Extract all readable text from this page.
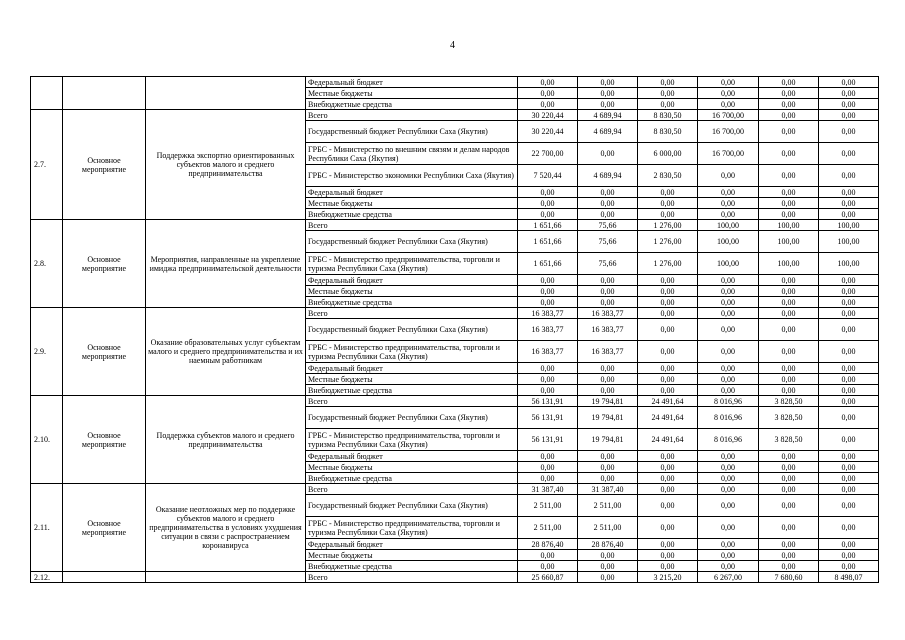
4
			Федеральный бюджет	0,00	0,00	0,00	0,00	0,00	0,00
			Местные бюджеты	0,00	0,00	0,00	0,00	0,00	0,00
			Внебюджетные средства	0,00	0,00	0,00	0,00	0,00	0,00
2.7.	Основное мероприятие	Поддержка экспортно ориентированных субъектов малого и среднего предпринимательства	Всего	30 220,44	4 689,94	8 830,50	16 700,00	0,00	0,00
			Государственный бюджет Республики Саха (Якутия)	30 220,44	4 689,94	8 830,50	16 700,00	0,00	0,00
			ГРБС - Министерство по внешним связям и делам народов Республики Саха (Якутия)	22 700,00	0,00	6 000,00	16 700,00	0,00	0,00
			ГРБС - Министерство экономики Республики Саха (Якутия)	7 520,44	4 689,94	2 830,50	0,00	0,00	0,00
			Федеральный бюджет	0,00	0,00	0,00	0,00	0,00	0,00
			Местные бюджеты	0,00	0,00	0,00	0,00	0,00	0,00
			Внебюджетные средства	0,00	0,00	0,00	0,00	0,00	0,00
2.8.	Основное мероприятие	Мероприятия, направленные на укрепление имиджа предпринимательской деятельности	Всего	1 651,66	75,66	1 276,00	100,00	100,00	100,00
			Государственный бюджет Республики Саха (Якутия)	1 651,66	75,66	1 276,00	100,00	100,00	100,00
			ГРБС - Министерство предпринимательства, торговли и туризма Республики Саха (Якутия)	1 651,66	75,66	1 276,00	100,00	100,00	100,00
			Федеральный бюджет	0,00	0,00	0,00	0,00	0,00	0,00
			Местные бюджеты	0,00	0,00	0,00	0,00	0,00	0,00
			Внебюджетные средства	0,00	0,00	0,00	0,00	0,00	0,00
2.9.	Основное мероприятие	Оказание образовательных услуг субъектам малого и среднего предпринимательства и их наемным работникам	Всего	16 383,77	16 383,77	0,00	0,00	0,00	0,00
			Государственный бюджет Республики Саха (Якутия)	16 383,77	16 383,77	0,00	0,00	0,00	0,00
			ГРБС - Министерство предпринимательства, торговли и туризма Республики Саха (Якутия)	16 383,77	16 383,77	0,00	0,00	0,00	0,00
			Федеральный бюджет	0,00	0,00	0,00	0,00	0,00	0,00
			Местные бюджеты	0,00	0,00	0,00	0,00	0,00	0,00
			Внебюджетные средства	0,00	0,00	0,00	0,00	0,00	0,00
2.10.	Основное мероприятие	Поддержка субъектов малого и среднего предпринимательства	Всего	56 131,91	19 794,81	24 491,64	8 016,96	3 828,50	0,00
			Государственный бюджет Республики Саха (Якутия)	56 131,91	19 794,81	24 491,64	8 016,96	3 828,50	0,00
			ГРБС - Министерство предпринимательства, торговли и туризма Республики Саха (Якутия)	56 131,91	19 794,81	24 491,64	8 016,96	3 828,50	0,00
			Федеральный бюджет	0,00	0,00	0,00	0,00	0,00	0,00
			Местные бюджеты	0,00	0,00	0,00	0,00	0,00	0,00
			Внебюджетные средства	0,00	0,00	0,00	0,00	0,00	0,00
2.11.	Основное мероприятие	Оказание неотложных мер по поддержке субъектов малого и среднего предпринимательства в условиях ухудшения ситуации в связи с распространением коронавируса	Всего	31 387,40	31 387,40	0,00	0,00	0,00	0,00
			Государственный бюджет Республики Саха (Якутия)	2 511,00	2 511,00	0,00	0,00	0,00	0,00
			ГРБС - Министерство предпринимательства, торговли и туризма Республики Саха (Якутия)	2 511,00	2 511,00	0,00	0,00	0,00	0,00
			Федеральный бюджет	28 876,40	28 876,40	0,00	0,00	0,00	0,00
			Местные бюджеты	0,00	0,00	0,00	0,00	0,00	0,00
			Внебюджетные средства	0,00	0,00	0,00	0,00	0,00	0,00
2.12.			Всего	25 660,87	0,00	3 215,20	6 267,00	7 680,60	8 498,07
